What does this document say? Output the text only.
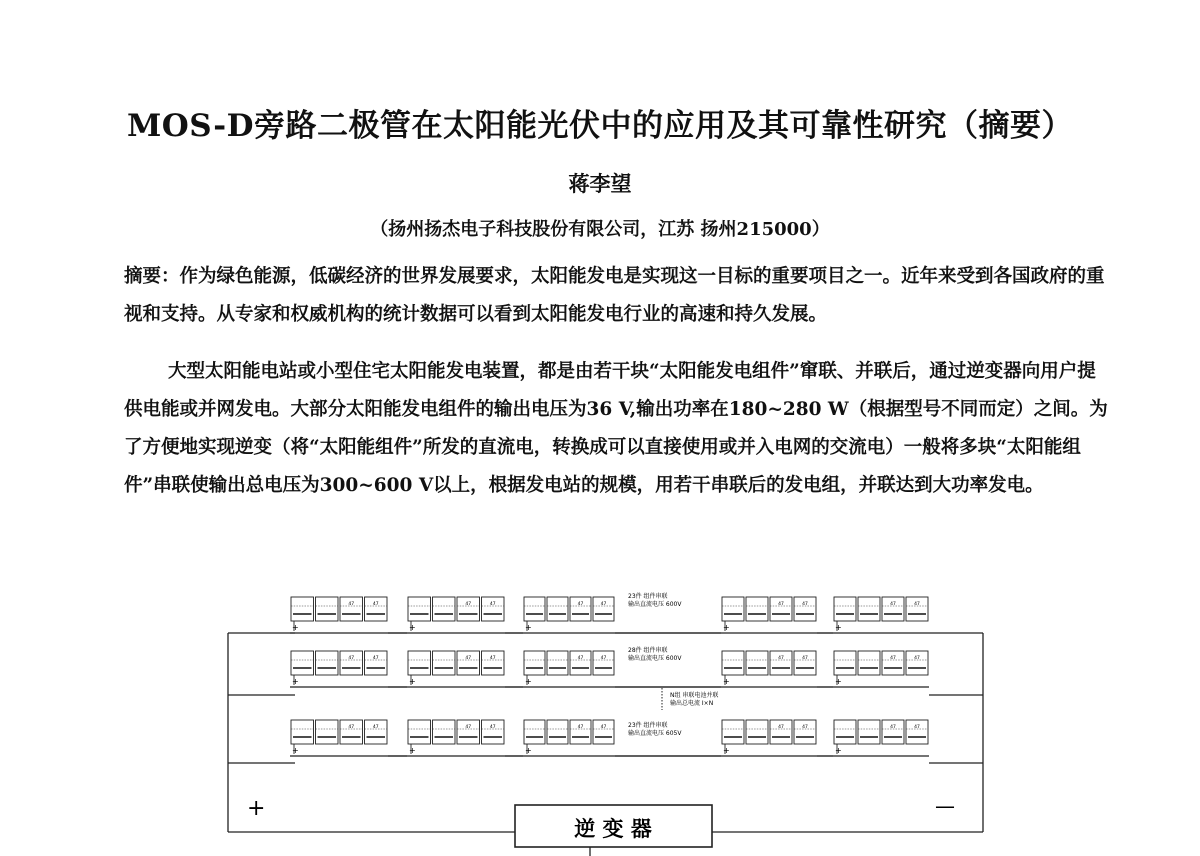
MOS-D旁路二极管在太阳能光伏中的应用及其可靠性研究（摘要）
蒋李望
（扬州扬杰电子科技股份有限公司，江苏 扬州215000）

摘要：作为绿色能源，低碳经济的世界发展要求，太阳能发电是实现这一目标的重要项目之一。近年来受到各国政府的重视和支持。从专家和权威机构的统计数据可以看到太阳能发电行业的高速和持久发展。

大型太阳能电站或小型住宅太阳能发电装置，都是由若干块“太阳能发电组件”窜联、并联后，通过逆变器向用户提供电能或并网发电。大部分太阳能发电组件的输出电压为36 V,输出功率在180~280 W（根据型号不同而定）之间。为了方便地实现逆变（将“太阳能组件”所发的直流电，转换成可以直接使用或并入电网的交流电）一般将多块“太阳能组件”串联使输出总电压为300~600 V以上，根据发电站的规模，用若干串联后的发电组，并联达到大功率发电。

47	47
+
47	47
+
47	47
+
47	47
+
47	47
+
47	47
+
47	47
+
47	47
+
47	47
+
47	47
+
47	47
+
47	47
+
47	47
+
47	47
+
47	47
+
+	—
逆 变 器
23件 组件串联
输出直流电压 600V
28件 组件串联
输出直流电压 600V
N组 串联电池并联
输出总电流 I×N
23件 组件串联
输出直流电压 605V
